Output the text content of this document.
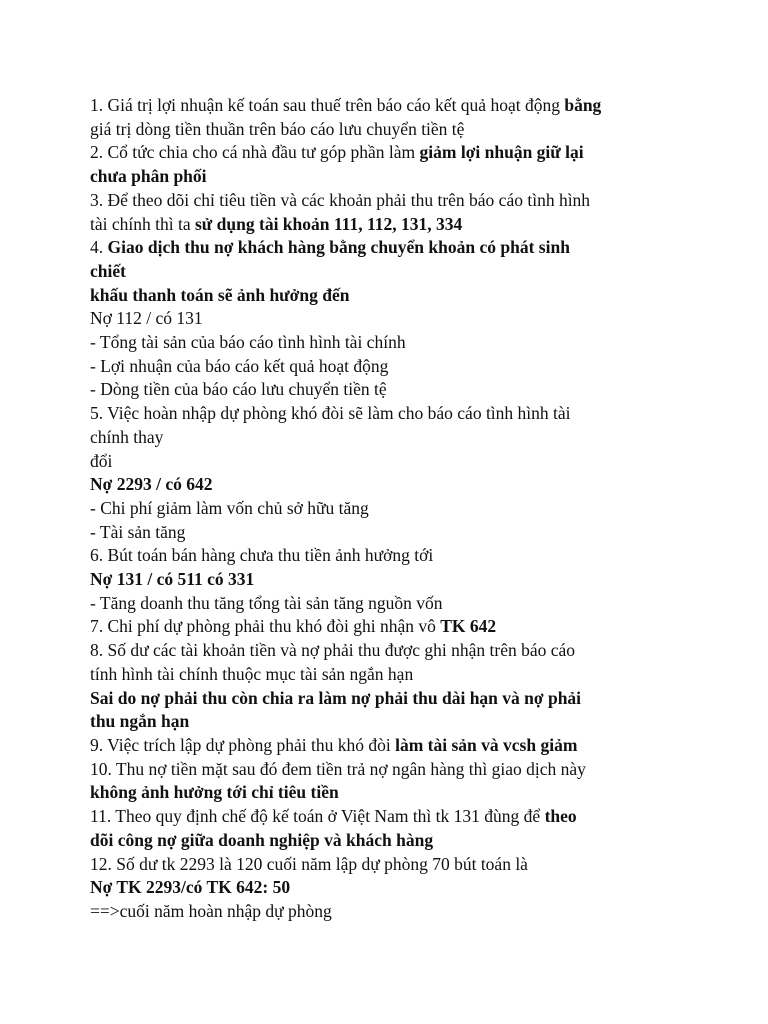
1. Giá trị lợi nhuận kế toán sau thuế trên báo cáo kết quả hoạt động bằng
giá trị dòng tiền thuần trên báo cáo lưu chuyển tiền tệ
2. Cổ tức chia cho cá nhà đầu tư góp phần làm giảm lợi nhuận giữ lại
chưa phân phối
3. Để theo dõi chỉ tiêu tiền và các khoản phải thu trên báo cáo tình hình
tài chính thì ta sử dụng tài khoản 111, 112, 131, 334
4. Giao dịch thu nợ khách hàng bằng chuyển khoản có phát sinh
chiết
khấu thanh toán sẽ ảnh hưởng đến
Nợ 112 / có 131
- Tổng tài sản của báo cáo tình hình tài chính
- Lợi nhuận của báo cáo kết quả hoạt động
- Dòng tiền của báo cáo lưu chuyển tiền tệ
5. Việc hoàn nhập dự phòng khó đòi sẽ làm cho báo cáo tình hình tài
chính thay
đổi
Nợ 2293 / có 642
- Chi phí giảm làm vốn chủ sở hữu tăng
- Tài sản tăng
6. Bút toán bán hàng chưa thu tiền ảnh hưởng tới
Nợ 131 / có 511 có 331
- Tăng doanh thu tăng tổng tài sản tăng nguồn vốn
7. Chi phí dự phòng phải thu khó đòi ghi nhận vô TK 642
8. Số dư các tài khoản tiền và nợ phải thu được ghi nhận trên báo cáo
tính hình tài chính thuộc mục tài sản ngắn hạn
Sai do nợ phải thu còn chia ra làm nợ phải thu dài hạn và nợ phải
thu ngắn hạn
9. Việc trích lập dự phòng phải thu khó đòi làm tài sản và vcsh giảm
10. Thu nợ tiền mặt sau đó đem tiền trả nợ ngân hàng thì giao dịch này
không ảnh hưởng tới chỉ tiêu tiền
11. Theo quy định chế độ kế toán ở Việt Nam thì tk 131 đùng để theo
dõi công nợ giữa doanh nghiệp và khách hàng
12. Số dư tk 2293 là 120 cuối năm lập dự phòng 70 bút toán là
Nợ TK 2293/có TK 642: 50
==>cuối năm hoàn nhập dự phòng
